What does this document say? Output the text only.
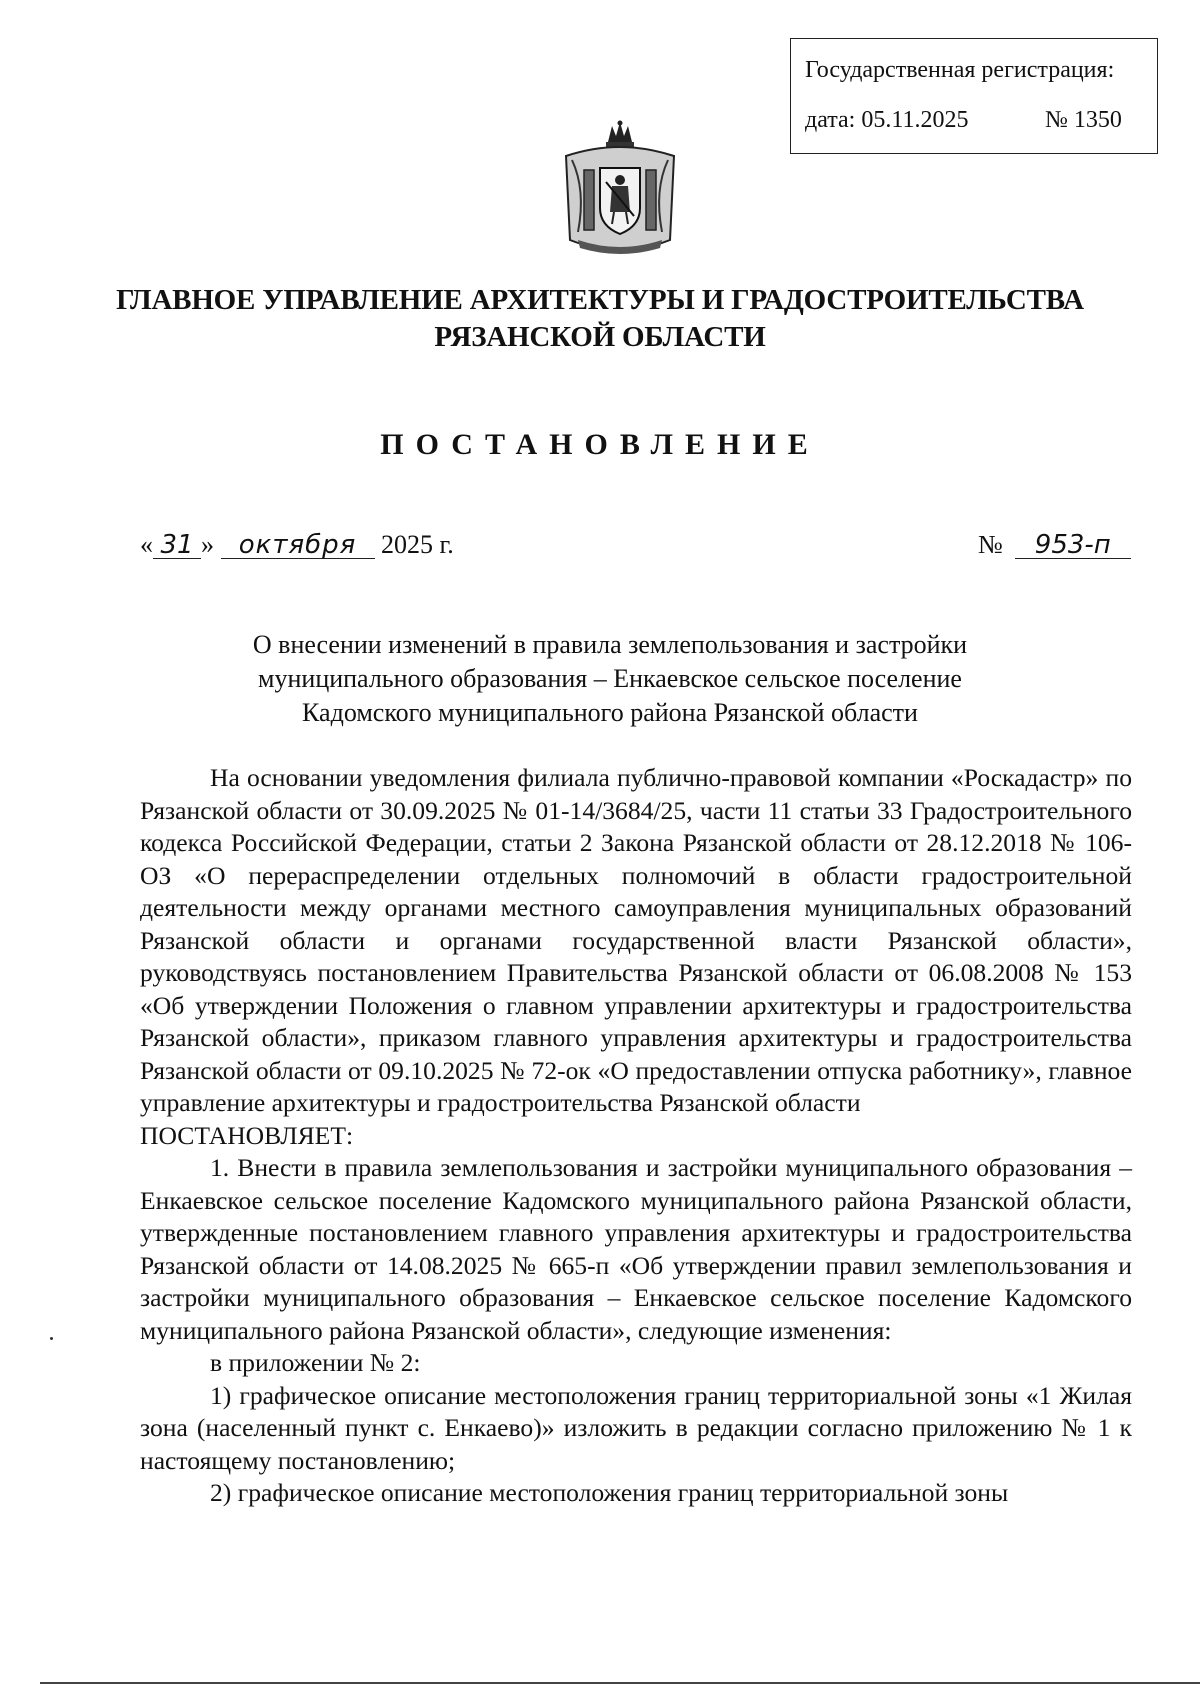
Государственная регистрация:
дата: 05.11.2025	№ 1350
ГЛАВНОЕ УПРАВЛЕНИЕ АРХИТЕКТУРЫ И ГРАДОСТРОИТЕЛЬСТВА
РЯЗАНСКОЙ ОБЛАСТИ
ПОСТАНОВЛЕНИЕ
« 31 » октября 2025 г.	№ 953-п
О внесении изменений в правила землепользования и застройки
муниципального образования – Енкаевское сельское поселение
Кадомского муниципального района Рязанской области

На основании уведомления филиала публично-правовой компании «Роскадастр» по Рязанской области от 30.09.2025 № 01-14/3684/25, части 11 статьи 33 Градостроительного кодекса Российской Федерации, статьи 2 Закона Рязанской области от 28.12.2018 № 106-ОЗ «О перераспределении отдельных полномочий в области градостроительной деятельности между органами местного самоуправления муниципальных образований Рязанской области и органами государственной власти Рязанской области», руководствуясь постановлением Правительства Рязанской области от 06.08.2008 № 153 «Об утверждении Положения о главном управлении архитектуры и градостроительства Рязанской области», приказом главного управления архитектуры и градостроительства Рязанской области от 09.10.2025 № 72-ок «О предоставлении отпуска работнику», главное управление архитектуры и градостроительства Рязанской области

ПОСТАНОВЛЯЕТ:

1. Внести в правила землепользования и застройки муниципального образования – Енкаевское сельское поселение Кадомского муниципального района Рязанской области, утвержденные постановлением главного управления архитектуры и градостроительства Рязанской области от 14.08.2025 № 665-п «Об утверждении правил землепользования и застройки муниципального образования – Енкаевское сельское поселение Кадомского муниципального района Рязанской области», следующие изменения:

в приложении № 2:

1) графическое описание местоположения границ территориальной зоны «1 Жилая зона (населенный пункт с. Енкаево)» изложить в редакции согласно приложению № 1 к настоящему постановлению;

2) графическое описание местоположения границ территориальной зоны
